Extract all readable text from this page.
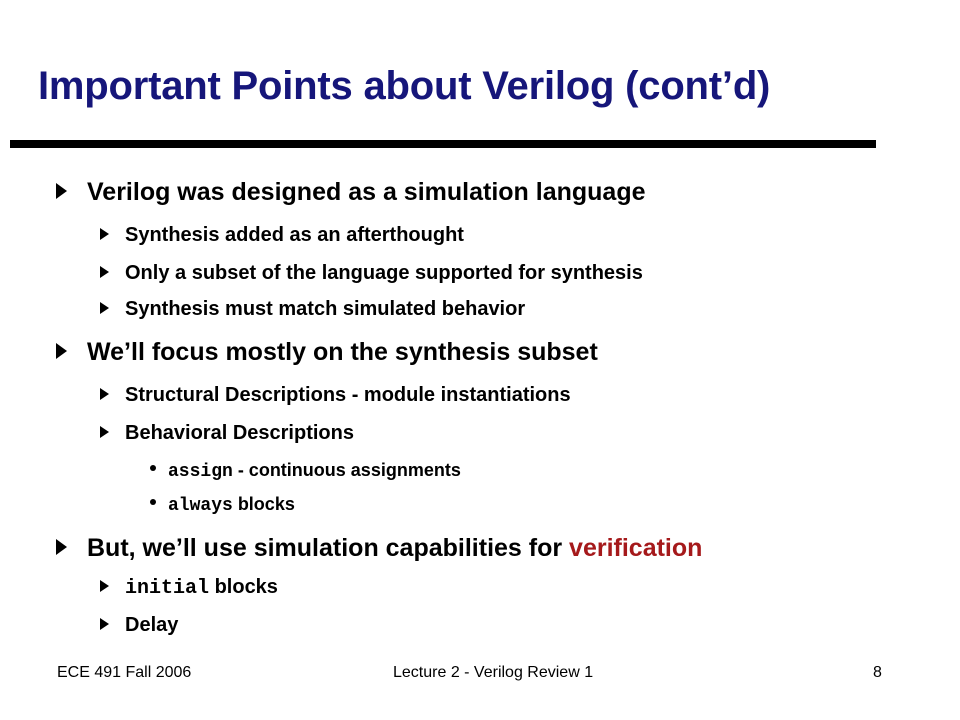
Important Points about Verilog (cont’d)
Verilog was designed as a simulation language
Synthesis added as an afterthought
Only a subset of the language supported for synthesis
Synthesis must match simulated behavior
We’ll focus mostly on the synthesis subset
Structural Descriptions - module instantiations
Behavioral Descriptions
assign - continuous assignments
always blocks
But, we’ll use simulation capabilities for verification
initial blocks
Delay
ECE 491 Fall 2006	Lecture 2 - Verilog Review 1	8
